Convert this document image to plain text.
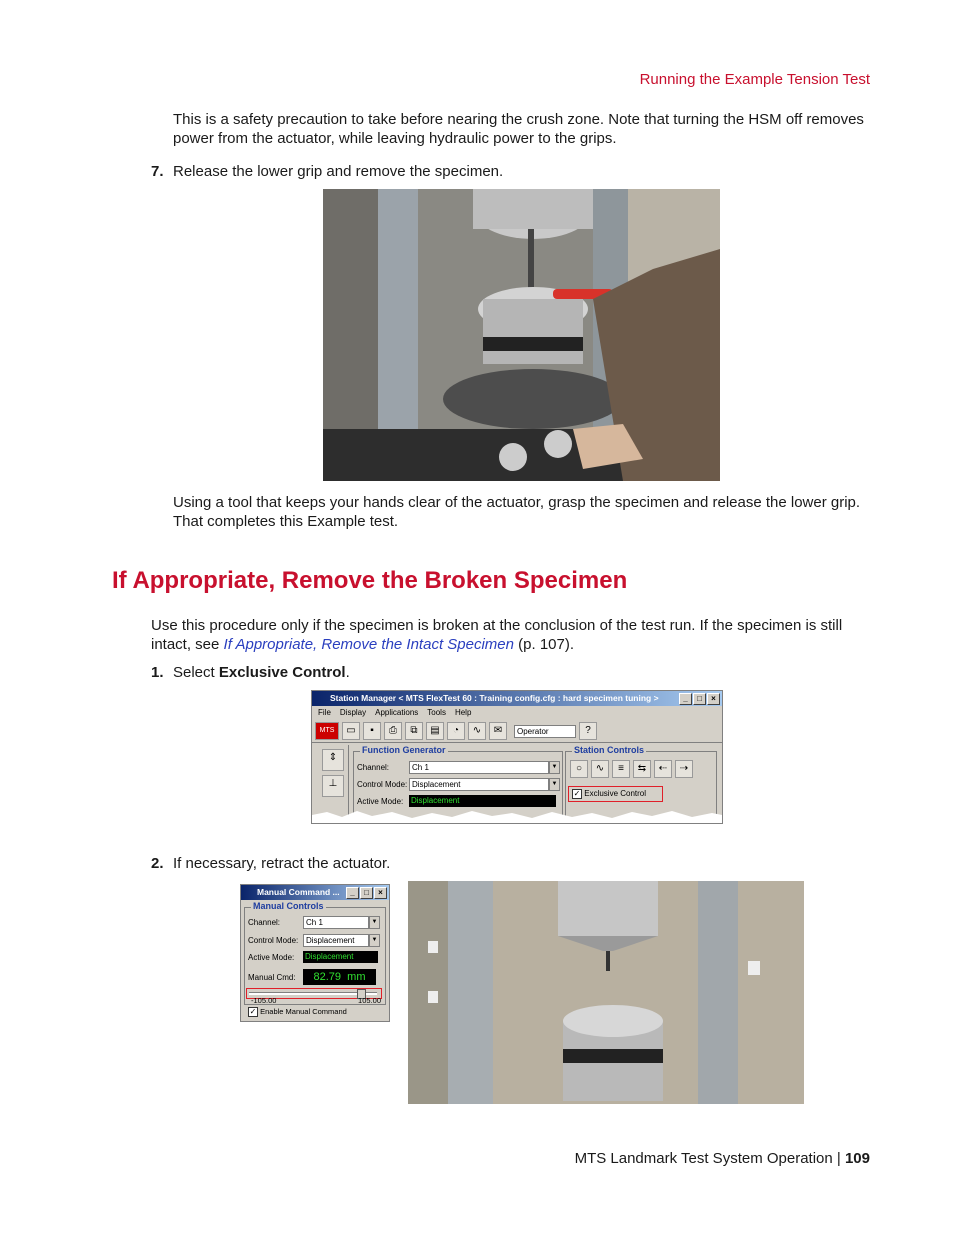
Running the Example Tension Test
This is a safety precaution to take before nearing the crush zone. Note that turning the HSM off removes power from the actuator, while leaving hydraulic power to the grips.
7. Release the lower grip and remove the specimen.
Using a tool that keeps your hands clear of the actuator, grasp the specimen and release the lower grip. That completes this Example test.
If Appropriate, Remove the Broken Specimen
Use this procedure only if the specimen is broken at the conclusion of the test run. If the specimen is still intact, see If Appropriate, Remove the Intact Specimen (p. 107).
1. Select Exclusive Control.
Station Manager < MTS FlexTest 60 : Training config.cfg : hard specimen tuning >	_	□	×
File Display Applications Tools Help
MTS	▭	▪	⎙	⧉	▤	◔	∿	✉	Operator	?
⇕
⊥
Function Generator
Channel:	Ch 1	▼
Control Mode: Displacement	▼
Active Mode: Displacement
Station Controls
○	∿	≡	⇆	⇠	⇢
✓ Exclusive Control
2. If necessary, retract the actuator.
Manual Command ...	_	□	×
Manual Controls
Channel:	Ch 1	▼
Control Mode: Displacement	▼
Active Mode:	Displacement
Manual Cmd:	82.79  mm
-105.00	105.00
✓ Enable Manual Command
MTS Landmark Test System Operation | 109
